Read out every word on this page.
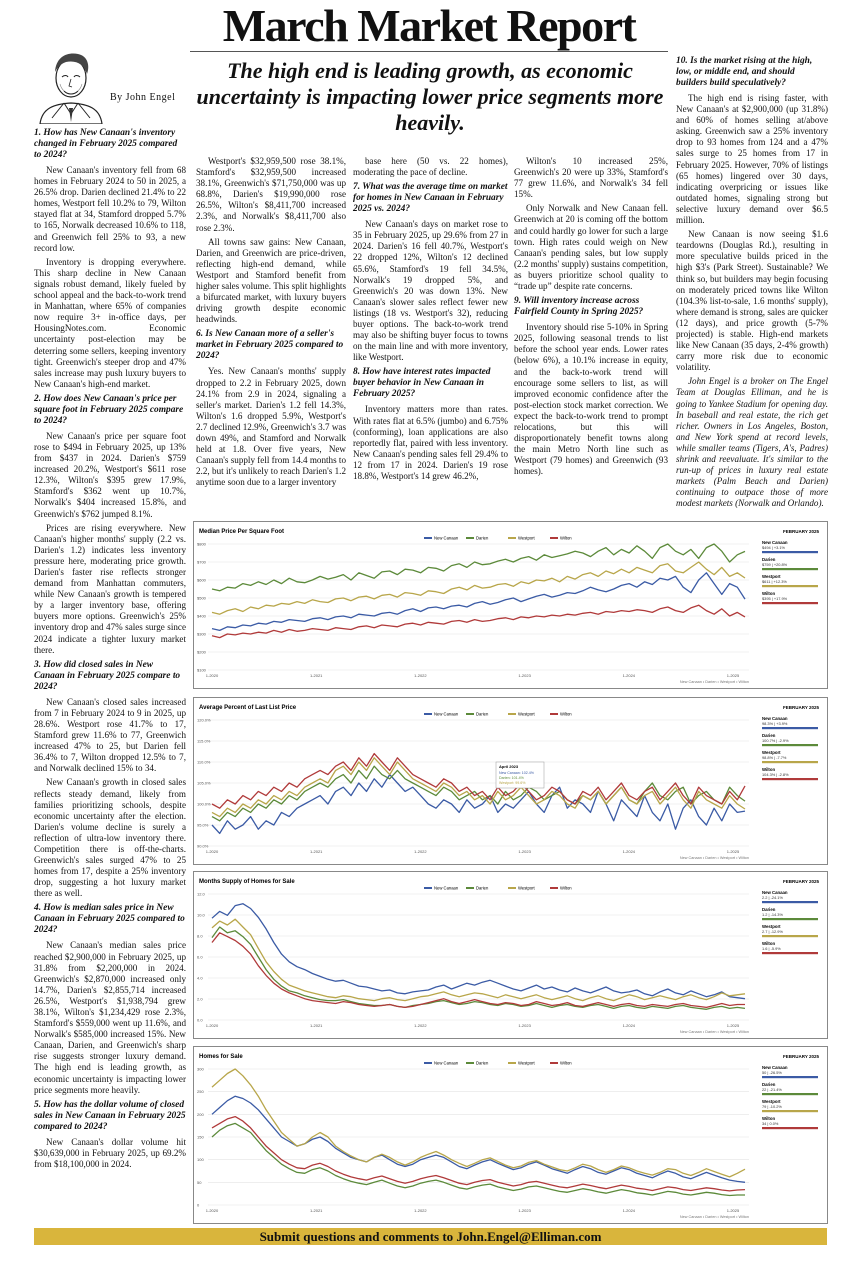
March Market Report
The high end is leading growth, as economic uncertainty is impacting lower price segments more heavily.
By John Engel
1. How has New Canaan's inventory changed in February 2025 compared to 2024?

New Canaan's inventory fell from 68 homes in February 2024 to 50 in 2025, a 26.5% drop. Darien declined 21.4% to 22 homes, Westport fell 10.2% to 79, Wilton stayed flat at 34, Stamford dropped 5.7% to 165, Norwalk decreased 10.6% to 118, and Greenwich fell 25% to 93, a new record low.

Inventory is dropping everywhere. This sharp decline in New Canaan signals robust demand, likely fueled by school appeal and the back-to-work trend in Manhattan, where 65% of companies now require 3+ in-office days, per HousingNotes.com. Economic uncertainty post-election may be deterring some sellers, keeping inventory tight. Greenwich's steeper drop and 47% sales increase may push luxury buyers to New Canaan's high-end market.

2. How does New Canaan's price per square foot in February 2025 compare to 2024?

New Canaan's price per square foot rose to $494 in February 2025, up 13% from $437 in 2024. Darien's $759 increased 20.2%, Westport's $611 rose 12.3%, Wilton's $395 grew 17.9%, Stamford's $362 went up 10.7%, Norwalk's $404 increased 15.8%, and Greenwich's $762 jumped 8.1%.

Prices are rising everywhere. New Canaan's higher months' supply (2.2 vs. Darien's 1.2) indicates less inventory pressure here, moderating price growth. Darien's faster rise reflects stronger demand from Manhattan commuters, while New Canaan's growth is tempered by a larger inventory base, offering buyers more options. Greenwich's 25% inventory drop and 47% sales surge since 2024 indicate a tighter luxury market there.

3. How did closed sales in New Canaan in February 2025 compare to 2024?

New Canaan's closed sales increased from 7 in February 2024 to 9 in 2025, up 28.6%. Westport rose 41.7% to 17, Stamford grew 11.6% to 77, Greenwich increased 47% to 25, but Darien fell 36.4% to 7, Wilton dropped 12.5% to 7, and Norwalk declined 15% to 34.

New Canaan's growth in closed sales reflects steady demand, likely from families prioritizing schools, despite economic uncertainty after the election. Darien's volume decline is surely a reflection of ultra-low inventory there. Competition there is off-the-charts. Greenwich's sales surged 47% to 25 homes from 17, despite a 25% inventory drop, suggesting a hot luxury market there as well.

4. How is median sales price in New Canaan in February 2025 compared to 2024?

New Canaan's median sales price reached $2,900,000 in February 2025, up 31.8% from $2,200,000 in 2024. Greenwich's $2,870,000 increased only 14.7%, Darien's $2,855,714 increased 26.5%, Westport's $1,938,794 grew 38.1%, Wilton's $1,234,429 rose 2.3%, Stamford's $559,000 went up 11.6%, and Norwalk's $585,000 increased 15%. New Canaan, Darien, and Greenwich's sharp rise suggests stronger luxury demand. The high end is leading growth, as economic uncertainty is impacting lower price segments more heavily.

5. How has the dollar volume of closed sales in New Canaan in February 2025 compared to 2024?

New Canaan's dollar volume hit $30,639,000 in February 2025, up 69.2% from $18,100,000 in 2024.

Westport's $32,959,500 rose 38.1%, Stamford's $32,959,500 increased 38.1%, Greenwich's $71,750,000 was up 68.8%, Darien's $19,990,000 rose 26.5%, Wilton's $8,411,700 increased 2.3%, and Norwalk's $8,411,700 also rose 2.3%.

All towns saw gains: New Canaan, Darien, and Greenwich are price-driven, reflecting high-end demand, while Westport and Stamford benefit from higher sales volume. This split highlights a bifurcated market, with luxury buyers driving growth despite economic headwinds.

6. Is New Canaan more of a seller's market in February 2025 compared to 2024?

Yes. New Canaan's months' supply dropped to 2.2 in February 2025, down 24.1% from 2.9 in 2024, signaling a seller's market. Darien's 1.2 fell 14.3%, Wilton's 1.6 dropped 5.9%, Westport's 2.7 declined 12.9%, Greenwich's 3.7 was down 49%, and Stamford and Norwalk held at 1.8. Over five years, New Canaan's supply fell from 14.4 months to 2.2, but it's unlikely to reach Darien's 1.2 anytime soon due to a larger inventory

base here (50 vs. 22 homes), moderating the pace of decline.

7. What was the average time on market for homes in New Canaan in February 2025 vs. 2024?

New Canaan's days on market rose to 35 in February 2025, up 29.6% from 27 in 2024. Darien's 16 fell 40.7%, Westport's 22 dropped 12%, Wilton's 12 declined 65.6%, Stamford's 19 fell 34.5%, Norwalk's 19 dropped 5%, and Greenwich's 20 was down 13%. New Canaan's slower sales reflect fewer new listings (18 vs. Westport's 32), reducing buyer options. The back-to-work trend may also be shifting buyer focus to towns on the main line and with more inventory, like Westport.

8. How have interest rates impacted buyer behavior in New Canaan in February 2025?

Inventory matters more than rates. With rates flat at 6.5% (jumbo) and 6.75% (conforming), loan applications are also reportedly flat, paired with less inventory. New Canaan's pending sales fell 29.4% to 12 from 17 in 2024. Darien's 19 rose 18.8%, Westport's 14 grew 46.2%,

Wilton's 10 increased 25%, Greenwich's 20 were up 33%, Stamford's 77 grew 11.6%, and Norwalk's 34 fell 15%.

Only Norwalk and New Canaan fell. Greenwich at 20 is coming off the bottom and could hardly go lower for such a large town. High rates could weigh on New Canaan's pending sales, but low supply (2.2 months' supply) sustains competition, as buyers prioritize school quality to “trade up” despite rate concerns.

9. Will inventory increase across Fairfield County in Spring 2025?

Inventory should rise 5-10% in Spring 2025, following seasonal trends to list before the school year ends. Lower rates (below 6%), a 10.1% increase in equity, and the back-to-work trend will encourage some sellers to list, as will improved economic confidence after the post-election stock market correction. We expect the back-to-work trend to prompt relocations, but this will disproportionately benefit towns along the main Metro North line such as Westport (79 homes) and Greenwich (93 homes).

10. Is the market rising at the high, low, or middle end, and should builders build speculatively?

The high end is rising faster, with New Canaan's at $2,900,000 (up 31.8%) and 60% of homes selling at/above asking. Greenwich saw a 25% inventory drop to 93 homes from 124 and a 47% sales surge to 25 homes from 17 in February 2025. However, 70% of listings (65 homes) lingered over 30 days, indicating overpricing or issues like outdated homes, signaling strong but selective luxury demand over $6.5 million.

New Canaan is now seeing $1.6 teardowns (Douglas Rd.), resulting in more speculative builds priced in the high $3's (Park Street). Sustainable? We think so, but builders may begin focusing on moderately priced towns like Wilton (104.3% list-to-sale, 1.6 months' supply), where demand is strong, sales are quicker (12 days), and price growth (5-7% projected) is stable. High-end markets like New Canaan (35 days, 2-4% growth) carry more risk due to economic volatility.

John Engel is a broker on The Engel Team at Douglas Elliman, and he is going to Yankee Stadium for opening day. In baseball and real estate, the rich get richer. Owners in Los Angeles, Boston, and New York spend at record levels, while smaller teams (Tigers, A's, Padres) shrink and reevaluate. It's similar to the run-up of prices in luxury real estate markets (Palm Beach and Darien) continuing to outpace those of more modest markets (Norwalk and Orlando).

Median Price Per Square Foot	FEBRUARY 2025
New Canaan	Darien	Westport	Wilton
$800
$700
$600
$500
$400
$300
$200
$100
1-2020	1-2021	1-2022	1-2023	1-2024	1-2025
New Canaan • Darien • Westport • Wilton
New Canaan
$494 | +3.1%
Darien
$759 | +20.8%
Westport
$611 | +12.3%
Wilton
$395 | +17.9%
Average Percent of Last List Price	FEBRUARY 2025
New Canaan	Darien	Westport	Wilton
120.0%
115.0%
110.0%
105.0%
100.0%
95.0%
90.0%
1-2020	1-2021	1-2022	1-2023	1-2024	1-2025
New Canaan • Darien • Westport • Wilton
April 2023
New Canaan: 102.4%
Darien: 101.4%
Westport: 99.6%
New Canaan
98.3% | +3.9%
Darien
100.7% | -2.9%
Westport
98.8% | -7.7%
Wilton
104.3% | -2.8%
Months Supply of Homes for Sale	FEBRUARY 2025
New Canaan	Darien	Westport	Wilton
12.0
10.0
8.0
6.0
4.0
2.0
0.0
1-2020	1-2021	1-2022	1-2023	1-2024	1-2025
New Canaan • Darien • Westport • Wilton
New Canaan
2.2 | -24.1%
Darien
1.2 | -14.3%
Westport
2.7 | -12.9%
Wilton
1.6 | -5.9%
Homes for Sale	FEBRUARY 2025
New Canaan	Darien	Westport	Wilton
300
250
200
150
100
50
0
1-2020	1-2021	1-2022	1-2023	1-2024	1-2025
New Canaan • Darien • Westport • Wilton
New Canaan
50 | -26.5%
Darien
22 | -21.4%
Westport
79 | -10.2%
Wilton
34 | 0.0%
Submit questions and comments to John.Engel@Elliman.com
